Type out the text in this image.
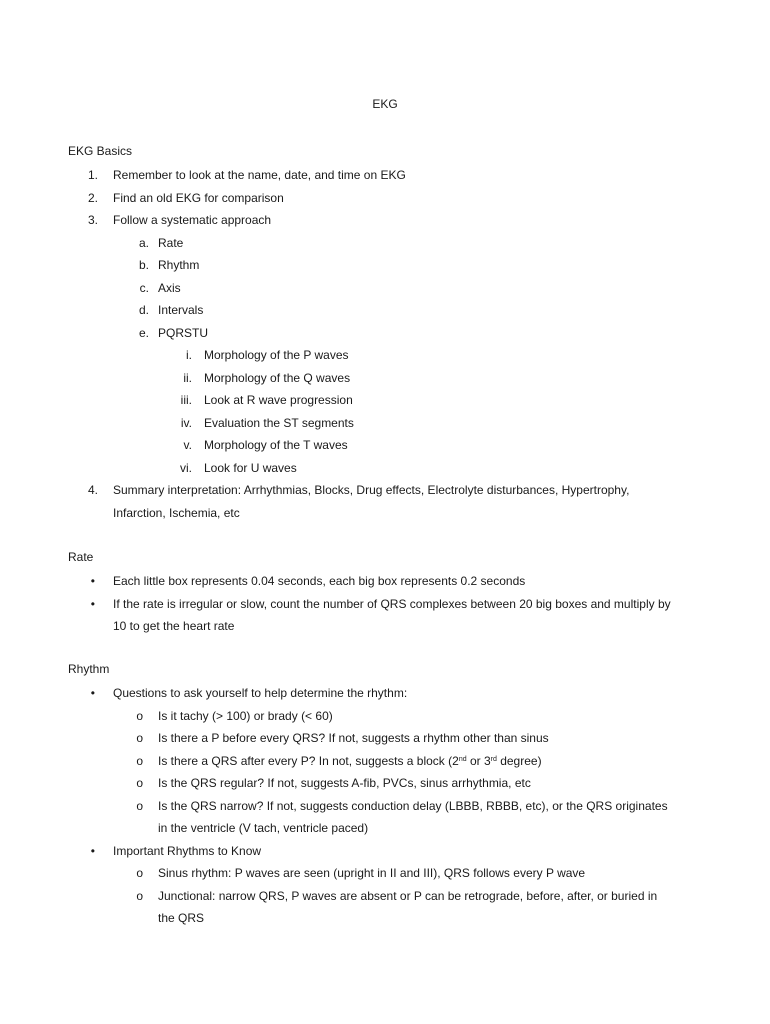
EKG
EKG Basics
1.	Remember to look at the name, date, and time on EKG
2.	Find an old EKG for comparison
3.	Follow a systematic approach
a. Rate
b. Rhythm
c. Axis
d. Intervals
e. PQRSTU
i.	Morphology of the P waves
ii.	Morphology of the Q waves
iii.	Look at R wave progression
iv.	Evaluation the ST segments
v.	Morphology of the T waves
vi.	Look for U waves
4.	Summary interpretation: Arrhythmias, Blocks, Drug effects, Electrolyte disturbances, Hypertrophy,
Infarction, Ischemia, etc
Rate
•	Each little box represents 0.04 seconds, each big box represents 0.2 seconds
•	If the rate is irregular or slow, count the number of QRS complexes between 20 big boxes and multiply by
10 to get the heart rate
Rhythm
•	Questions to ask yourself to help determine the rhythm:
o	Is it tachy (> 100) or brady (< 60)
o	Is there a P before every QRS? If not, suggests a rhythm other than sinus
o	Is there a QRS after every P? In not, suggests a block (2nd or 3rd degree)
o	Is the QRS regular? If not, suggests A-fib, PVCs, sinus arrhythmia, etc
o	Is the QRS narrow? If not, suggests conduction delay (LBBB, RBBB, etc), or the QRS originates
in the ventricle (V tach, ventricle paced)
•	Important Rhythms to Know
o	Sinus rhythm: P waves are seen (upright in II and III), QRS follows every P wave
o	Junctional: narrow QRS, P waves are absent or P can be retrograde, before, after, or buried in
the QRS
